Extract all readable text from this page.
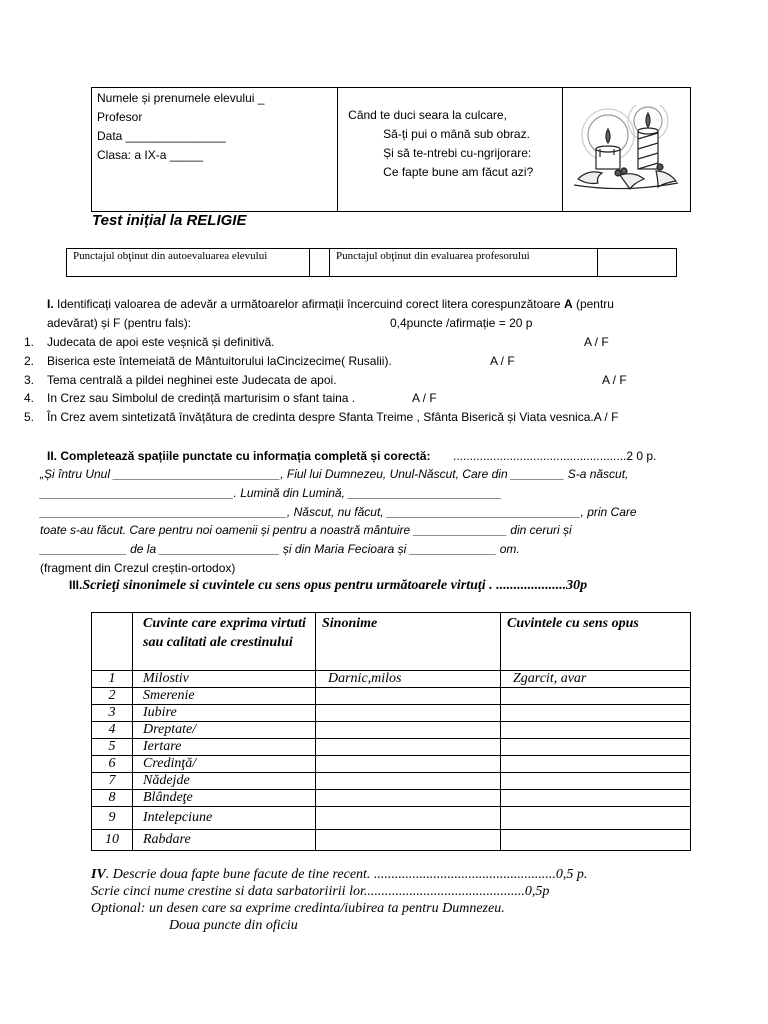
Numele și prenumele elevului _
Profesor
Data _______________
Clasa: a IX-a _____

Când te duci seara la culcare,
Să-ți pui o mână sub obraz.
Și să te-ntrebi cu-ngrijorare:
Ce fapte bune am făcut azi?

Test inițial la RELIGIE
Punctajul obţinut din autoevaluarea elevului		Punctajul obţinut din evaluarea profesorului	
I. Identificați valoarea de adevăr a următoarelor afirmații încercuind corect litera corespunzătoare A (pentru
adevărat) și F (pentru fals):	0,4puncte /afirmație = 20 p
1. Judecata de apoi este veșnică și definitivă.	A / F
2. Biserica este întemeiată de Mântuitorului laCincizecime( Rusalii).	A / F
3. Tema centrală a pildei neghinei este Judecata de apoi.	A / F
4. In Crez sau Simbolul de credință marturisim o sfant taina .	A / F
5. În Crez avem sintetizată învățătura de credinta despre Sfanta Treime , Sfânta Biserică și Viata vesnica.A / F
II. Completează spațiile punctate cu informația completă și corectă: ....................................................2 0 p.
„Și întru Unul _________________________, Fiul lui Dumnezeu, Unul-Născut, Care din ________ S-a născut,
_____________________________. Lumină din Lumină, _______________________
_____________________________________, Născut, nu făcut, _____________________________, prin Care
toate s-au făcut. Care pentru noi oamenii și pentru a noastră mântuire ______________ din ceruri și
_____________ de la __________________ și din Maria Fecioara și _____________ om.
(fragment din Crezul creștin-ortodox)
III.Scrieţi sinonimele si cuvintele cu sens opus pentru următoarele virtuţi . ....................30p
	Cuvinte care exprima virtuti sau calitati ale crestinului	Sinonime	Cuvintele cu sens opus
1	Milostiv	Darnic,milos	Zgarcit, avar
2	Smerenie		
3	Iubire		
4	Dreptate/		
5	Iertare		
6	Credinţă/		
7	Nădejde		
8	Blândeţe		
9	Intelepciune		
10	Rabdare		
IV. Descrie doua fapte bune facute de tine recent. ....................................................0,5 p.
Scrie cinci nume crestine si data sarbatoriirii lor..............................................0,5p
Optional: un desen care sa exprime credinta/iubirea ta pentru Dumnezeu.
Doua puncte din oficiu
